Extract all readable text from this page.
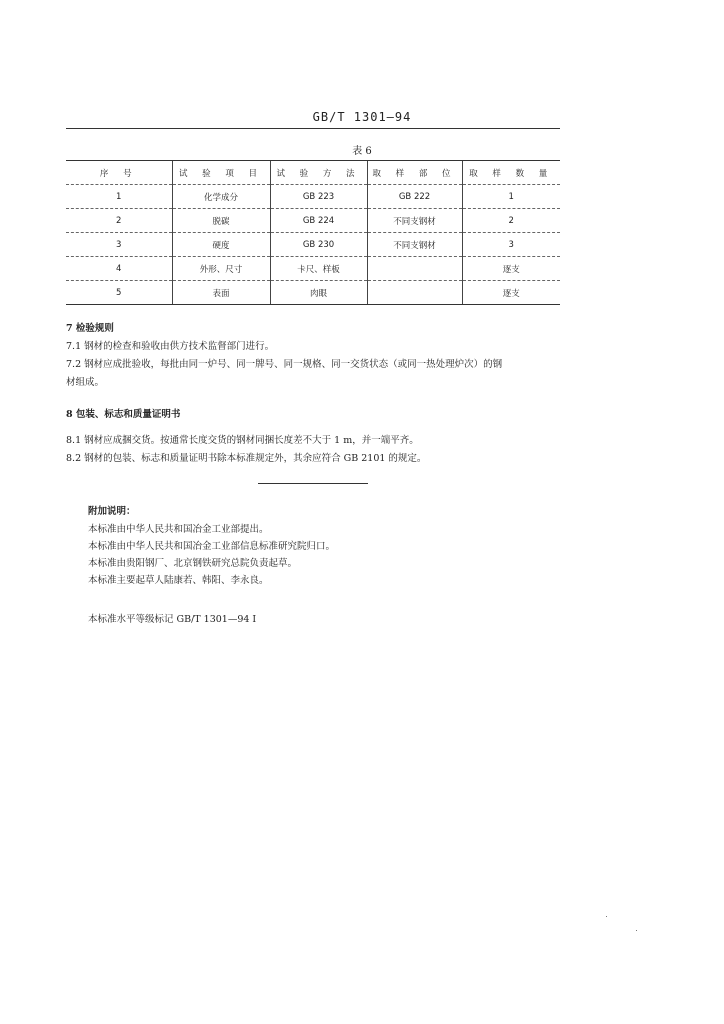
GB/T 1301—94
表 6
序 号	试 验 项 目	试 验 方 法	取 样 部 位	取 样 数 量
1	化学成分	GB 223	GB 222	1
2	脱碳	GB 224	不同支钢材	2
3	硬度	GB 230	不同支钢材	3
4	外形、尺寸	卡尺、样板		逐支
5	表面	肉眼		逐支
7 检验规则

7.1 钢材的检查和验收由供方技术监督部门进行。

7.2 钢材应成批验收，每批由同一炉号、同一牌号、同一规格、同一交货状态（或同一热处理炉次）的钢

材组成。

8 包装、标志和质量证明书

8.1 钢材应成捆交货。按通常长度交货的钢材同捆长度差不大于 1 m，并一端平齐。

8.2 钢材的包装、标志和质量证明书除本标准规定外，其余应符合 GB 2101 的规定。

附加说明：
本标准由中华人民共和国冶金工业部提出。
本标准由中华人民共和国冶金工业部信息标准研究院归口。
本标准由贵阳钢厂、北京钢铁研究总院负责起草。
本标准主要起草人陆康若、韩阳、李永良。
本标准水平等级标记 GB/T 1301—94 I
